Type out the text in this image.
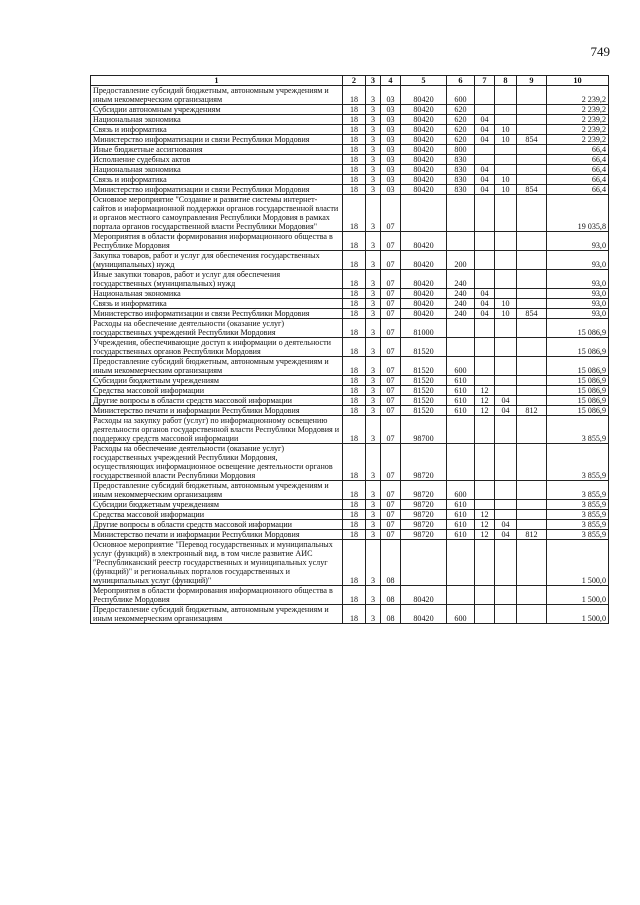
749
1	2	3	4	5	6	7	8	9	10
Предоставление субсидий бюджетным, автономным учреждениям и иным некоммерческим организациям	18	3	03	80420	600				2 239,2
Субсидии автономным учреждениям	18	3	03	80420	620				2 239,2
Национальная экономика	18	3	03	80420	620	04			2 239,2
Связь и информатика	18	3	03	80420	620	04	10		2 239,2
Министерство информатизации и связи Республики Мордовия	18	3	03	80420	620	04	10	854	2 239,2
Иные бюджетные ассигнования	18	3	03	80420	800				66,4
Исполнение судебных актов	18	3	03	80420	830				66,4
Национальная экономика	18	3	03	80420	830	04			66,4
Связь и информатика	18	3	03	80420	830	04	10		66,4
Министерство информатизации и связи Республики Мордовия	18	3	03	80420	830	04	10	854	66,4
Основное мероприятие "Создание и развитие системы интернет-сайтов и информационной поддержки органов государственной власти и органов местного самоуправления Республики Мордовия в рамках портала органов государственной власти Республики Мордовия"	18	3	07						19 035,8
Мероприятия в области формирования информационного общества в Республике Мордовия	18	3	07	80420					93,0
Закупка товаров, работ и услуг для обеспечения государственных (муниципальных) нужд	18	3	07	80420	200				93,0
Иные закупки товаров, работ и услуг для обеспечения государственных (муниципальных) нужд	18	3	07	80420	240				93,0
Национальная экономика	18	3	07	80420	240	04			93,0
Связь и информатика	18	3	07	80420	240	04	10		93,0
Министерство информатизации и связи Республики Мордовия	18	3	07	80420	240	04	10	854	93,0
Расходы на обеспечение деятельности (оказание услуг) государственных учреждений Республики Мордовия	18	3	07	81000					15 086,9
Учреждения, обеспечивающие доступ к информации о деятельности государственных органов Республики Мордовия	18	3	07	81520					15 086,9
Предоставление субсидий бюджетным, автономным учреждениям и иным некоммерческим организациям	18	3	07	81520	600				15 086,9
Субсидии бюджетным учреждениям	18	3	07	81520	610				15 086,9
Средства массовой информации	18	3	07	81520	610	12			15 086,9
Другие вопросы в области средств массовой информации	18	3	07	81520	610	12	04		15 086,9
Министерство печати и информации Республики Мордовия	18	3	07	81520	610	12	04	812	15 086,9
Расходы на закупку работ (услуг) по информационному освещению деятельности органов государственной власти Республики Мордовия и поддержку средств массовой информации	18	3	07	98700					3 855,9
Расходы на обеспечение деятельности (оказание услуг) государственных учреждений Республики Мордовия, осуществляющих информационное освещение деятельности органов государственной власти Республики Мордовия	18	3	07	98720					3 855,9
Предоставление субсидий бюджетным, автономным учреждениям и иным некоммерческим организациям	18	3	07	98720	600				3 855,9
Субсидии бюджетным учреждениям	18	3	07	98720	610				3 855,9
Средства массовой информации	18	3	07	98720	610	12			3 855,9
Другие вопросы в области средств массовой информации	18	3	07	98720	610	12	04		3 855,9
Министерство печати и информации Республики Мордовия	18	3	07	98720	610	12	04	812	3 855,9
Основное мероприятие "Перевод государственных и муниципальных услуг (функций) в электронный вид, в том числе развитие АИС "Республиканский реестр государственных и муниципальных услуг (функций)" и региональных порталов государственных и муниципальных услуг (функций)"	18	3	08						1 500,0
Мероприятия в области формирования информационного общества в Республике Мордовия	18	3	08	80420					1 500,0
Предоставление субсидий бюджетным, автономным учреждениям и иным некоммерческим организациям	18	3	08	80420	600				1 500,0
